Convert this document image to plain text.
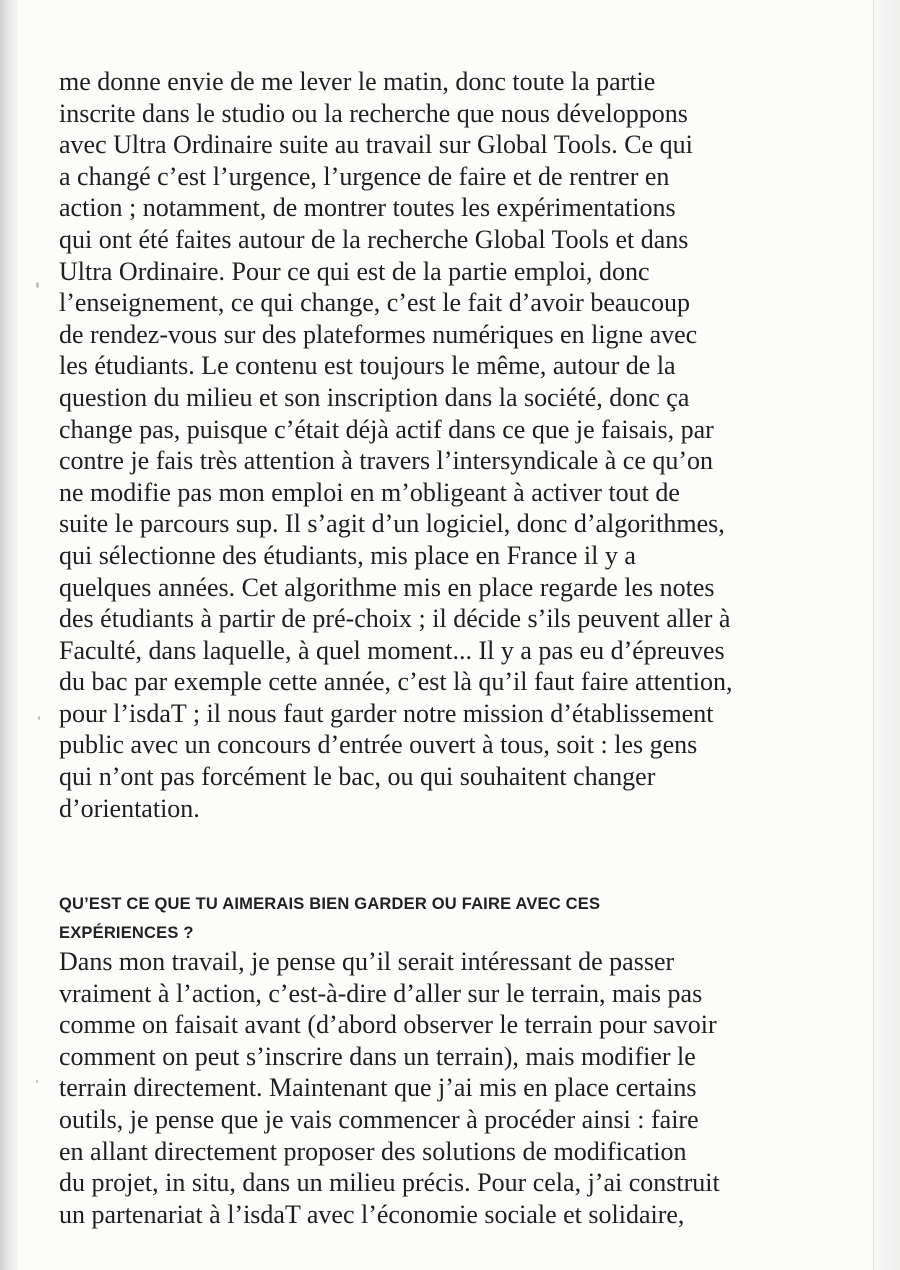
me donne envie de me lever le matin, donc toute la partie
inscrite dans le studio ou la recherche que nous développons
avec Ultra Ordinaire suite au travail sur Global Tools. Ce qui
a changé c’est l’urgence, l’urgence de faire et de rentrer en
action ; notamment, de montrer toutes les expérimentations
qui ont été faites autour de la recherche Global Tools et dans
Ultra Ordinaire. Pour ce qui est de la partie emploi, donc
l’enseignement, ce qui change, c’est le fait d’avoir beaucoup
de rendez-vous sur des plateformes numériques en ligne avec
les étudiants. Le contenu est toujours le même, autour de la
question du milieu et son inscription dans la société, donc ça
change pas, puisque c’était déjà actif dans ce que je faisais, par
contre je fais très attention à travers l’intersyndicale à ce qu’on
ne modifie pas mon emploi en m’obligeant à activer tout de
suite le parcours sup. Il s’agit d’un logiciel, donc d’algorithmes,
qui sélectionne des étudiants, mis place en France il y a
quelques années. Cet algorithme mis en place regarde les notes
des étudiants à partir de pré-choix ; il décide s’ils peuvent aller à
Faculté, dans laquelle, à quel moment... Il y a pas eu d’épreuves
du bac par exemple cette année, c’est là qu’il faut faire attention,
pour l’isdaT ; il nous faut garder notre mission d’établissement
public avec un concours d’entrée ouvert à tous, soit : les gens
qui n’ont pas forcément le bac, ou qui souhaitent changer
d’orientation.
QU’EST CE QUE TU AIMERAIS BIEN GARDER OU FAIRE AVEC CES
EXPÉRIENCES ?
Dans mon travail, je pense qu’il serait intéressant de passer
vraiment à l’action, c’est-à-dire d’aller sur le terrain, mais pas
comme on faisait avant (d’abord observer le terrain pour savoir
comment on peut s’inscrire dans un terrain), mais modifier le
terrain directement. Maintenant que j’ai mis en place certains
outils, je pense que je vais commencer à procéder ainsi : faire
en allant directement proposer des solutions de modification
du projet, in situ, dans un milieu précis. Pour cela, j’ai construit
un partenariat à l’isdaT avec l’économie sociale et solidaire,
